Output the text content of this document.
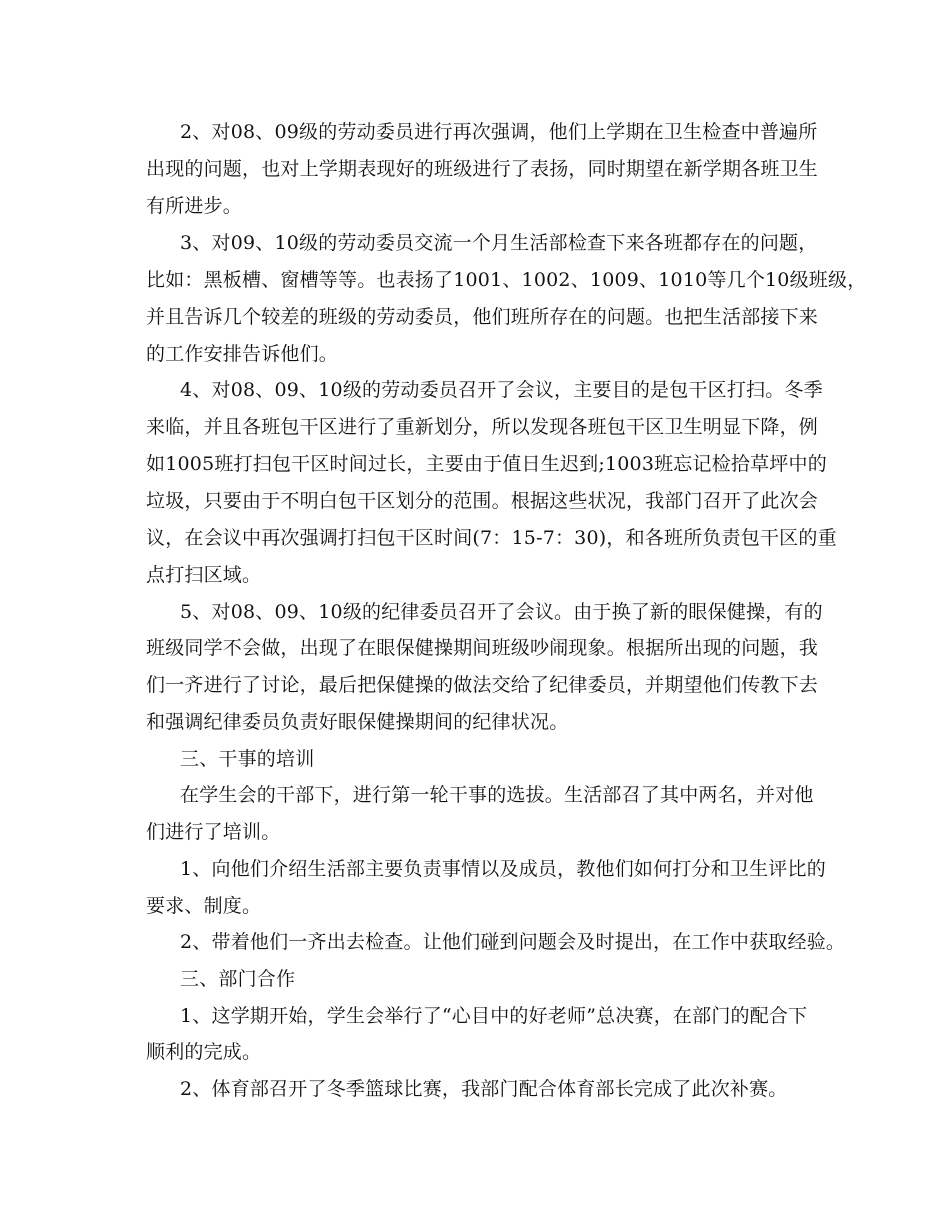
2、对08、09级的劳动委员进行再次强调，他们上学期在卫生检查中普遍所
出现的问题，也对上学期表现好的班级进行了表扬，同时期望在新学期各班卫生
有所进步。
3、对09、10级的劳动委员交流一个月生活部检查下来各班都存在的问题，
比如：黑板槽、窗槽等等。也表扬了1001、1002、1009、1010等几个10级班级，
并且告诉几个较差的班级的劳动委员，他们班所存在的问题。也把生活部接下来
的工作安排告诉他们。
4、对08、09、10级的劳动委员召开了会议，主要目的是包干区打扫。冬季
来临，并且各班包干区进行了重新划分，所以发现各班包干区卫生明显下降，例
如1005班打扫包干区时间过长，主要由于值日生迟到;1003班忘记检拾草坪中的
垃圾，只要由于不明白包干区划分的范围。根据这些状况，我部门召开了此次会
议，在会议中再次强调打扫包干区时间(7：15-7：30)，和各班所负责包干区的重
点打扫区域。
5、对08、09、10级的纪律委员召开了会议。由于换了新的眼保健操，有的
班级同学不会做，出现了在眼保健操期间班级吵闹现象。根据所出现的问题，我
们一齐进行了讨论，最后把保健操的做法交给了纪律委员，并期望他们传教下去
和强调纪律委员负责好眼保健操期间的纪律状况。
三、干事的培训
在学生会的干部下，进行第一轮干事的选拔。生活部召了其中两名，并对他
们进行了培训。
1、向他们介绍生活部主要负责事情以及成员，教他们如何打分和卫生评比的
要求、制度。
2、带着他们一齐出去检查。让他们碰到问题会及时提出，在工作中获取经验。
三、部门合作
1、这学期开始，学生会举行了“心目中的好老师”总决赛，在部门的配合下
顺利的完成。
2、体育部召开了冬季篮球比赛，我部门配合体育部长完成了此次补赛。
